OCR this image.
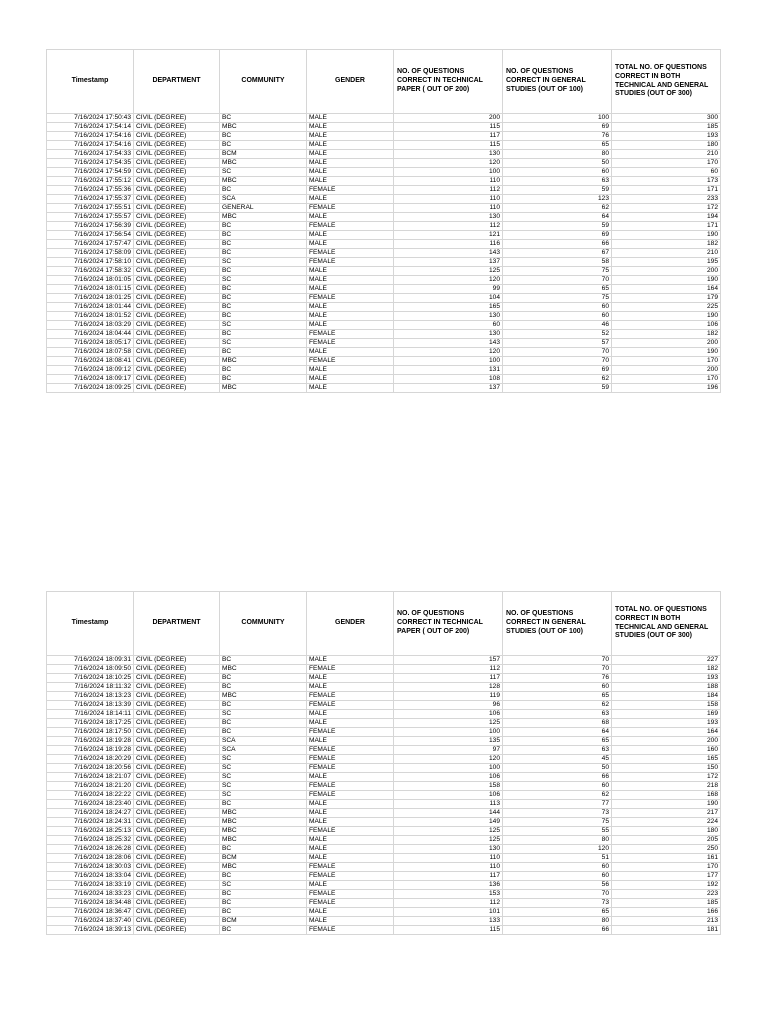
Timestamp	DEPARTMENT	COMMUNITY	GENDER	NO. OF QUESTIONS CORRECT IN TECHNICAL PAPER ( OUT OF 200)	NO. OF QUESTIONS CORRECT IN GENERAL STUDIES (OUT OF 100)	TOTAL NO. OF QUESTIONS CORRECT IN BOTH TECHNICAL AND GENERAL STUDIES (OUT OF 300)
7/16/2024 17:50:43	CIVIL (DEGREE)	BC	MALE	200	100	300
7/16/2024 17:54:14	CIVIL (DEGREE)	MBC	MALE	115	69	185
7/16/2024 17:54:16	CIVIL (DEGREE)	BC	MALE	117	76	193
7/16/2024 17:54:16	CIVIL (DEGREE)	BC	MALE	115	65	180
7/16/2024 17:54:33	CIVIL (DEGREE)	BCM	MALE	130	80	210
7/16/2024 17:54:35	CIVIL (DEGREE)	MBC	MALE	120	50	170
7/16/2024 17:54:59	CIVIL (DEGREE)	SC	MALE	100	60	60
7/16/2024 17:55:12	CIVIL (DEGREE)	MBC	MALE	110	63	173
7/16/2024 17:55:36	CIVIL (DEGREE)	BC	FEMALE	112	59	171
7/16/2024 17:55:37	CIVIL (DEGREE)	SCA	MALE	110	123	233
7/16/2024 17:55:51	CIVIL (DEGREE)	GENERAL	FEMALE	110	62	172
7/16/2024 17:55:57	CIVIL (DEGREE)	MBC	MALE	130	64	194
7/16/2024 17:56:39	CIVIL (DEGREE)	BC	FEMALE	112	59	171
7/16/2024 17:56:54	CIVIL (DEGREE)	BC	MALE	121	69	190
7/16/2024 17:57:47	CIVIL (DEGREE)	BC	MALE	116	66	182
7/16/2024 17:58:09	CIVIL (DEGREE)	BC	FEMALE	143	67	210
7/16/2024 17:58:10	CIVIL (DEGREE)	SC	FEMALE	137	58	195
7/16/2024 17:58:32	CIVIL (DEGREE)	BC	MALE	125	75	200
7/16/2024 18:01:05	CIVIL (DEGREE)	SC	MALE	120	70	190
7/16/2024 18:01:15	CIVIL (DEGREE)	BC	MALE	99	65	164
7/16/2024 18:01:25	CIVIL (DEGREE)	BC	FEMALE	104	75	179
7/16/2024 18:01:44	CIVIL (DEGREE)	BC	MALE	165	60	225
7/16/2024 18:01:52	CIVIL (DEGREE)	BC	MALE	130	60	190
7/16/2024 18:03:29	CIVIL (DEGREE)	SC	MALE	60	46	106
7/16/2024 18:04:44	CIVIL (DEGREE)	BC	FEMALE	130	52	182
7/16/2024 18:05:17	CIVIL (DEGREE)	SC	FEMALE	143	57	200
7/16/2024 18:07:58	CIVIL (DEGREE)	BC	MALE	120	70	190
7/16/2024 18:08:41	CIVIL (DEGREE)	MBC	FEMALE	100	70	170
7/16/2024 18:09:12	CIVIL (DEGREE)	BC	MALE	131	69	200
7/16/2024 18:09:17	CIVIL (DEGREE)	BC	MALE	108	62	170
7/16/2024 18:09:25	CIVIL (DEGREE)	MBC	MALE	137	59	196
Timestamp	DEPARTMENT	COMMUNITY	GENDER	NO. OF QUESTIONS CORRECT IN TECHNICAL PAPER ( OUT OF 200)	NO. OF QUESTIONS CORRECT IN GENERAL STUDIES (OUT OF 100)	TOTAL NO. OF QUESTIONS CORRECT IN BOTH TECHNICAL AND GENERAL STUDIES (OUT OF 300)
7/16/2024 18:09:31	CIVIL (DEGREE)	BC	MALE	157	70	227
7/16/2024 18:09:50	CIVIL (DEGREE)	MBC	FEMALE	112	70	182
7/16/2024 18:10:25	CIVIL (DEGREE)	BC	MALE	117	76	193
7/16/2024 18:11:32	CIVIL (DEGREE)	BC	MALE	128	60	188
7/16/2024 18:13:23	CIVIL (DEGREE)	MBC	FEMALE	119	65	184
7/16/2024 18:13:39	CIVIL (DEGREE)	BC	FEMALE	96	62	158
7/16/2024 18:14:11	CIVIL (DEGREE)	SC	MALE	106	63	169
7/16/2024 18:17:25	CIVIL (DEGREE)	BC	MALE	125	68	193
7/16/2024 18:17:50	CIVIL (DEGREE)	BC	FEMALE	100	64	164
7/16/2024 18:19:28	CIVIL (DEGREE)	SCA	MALE	135	65	200
7/16/2024 18:19:28	CIVIL (DEGREE)	SCA	FEMALE	97	63	160
7/16/2024 18:20:29	CIVIL (DEGREE)	SC	FEMALE	120	45	165
7/16/2024 18:20:56	CIVIL (DEGREE)	SC	FEMALE	100	50	150
7/16/2024 18:21:07	CIVIL (DEGREE)	SC	MALE	106	66	172
7/16/2024 18:21:20	CIVIL (DEGREE)	SC	FEMALE	158	60	218
7/16/2024 18:22:22	CIVIL (DEGREE)	SC	FEMALE	106	62	168
7/16/2024 18:23:40	CIVIL (DEGREE)	BC	MALE	113	77	190
7/16/2024 18:24:27	CIVIL (DEGREE)	MBC	MALE	144	73	217
7/16/2024 18:24:31	CIVIL (DEGREE)	MBC	MALE	149	75	224
7/16/2024 18:25:13	CIVIL (DEGREE)	MBC	FEMALE	125	55	180
7/16/2024 18:25:32	CIVIL (DEGREE)	MBC	MALE	125	80	205
7/16/2024 18:26:28	CIVIL (DEGREE)	BC	MALE	130	120	250
7/16/2024 18:28:06	CIVIL (DEGREE)	BCM	MALE	110	51	161
7/16/2024 18:30:03	CIVIL (DEGREE)	MBC	FEMALE	110	60	170
7/16/2024 18:33:04	CIVIL (DEGREE)	BC	FEMALE	117	60	177
7/16/2024 18:33:19	CIVIL (DEGREE)	SC	MALE	136	56	192
7/16/2024 18:33:23	CIVIL (DEGREE)	BC	FEMALE	153	70	223
7/16/2024 18:34:48	CIVIL (DEGREE)	BC	FEMALE	112	73	185
7/16/2024 18:36:47	CIVIL (DEGREE)	BC	MALE	101	65	166
7/16/2024 18:37:40	CIVIL (DEGREE)	BCM	MALE	133	80	213
7/16/2024 18:39:13	CIVIL (DEGREE)	BC	FEMALE	115	66	181
